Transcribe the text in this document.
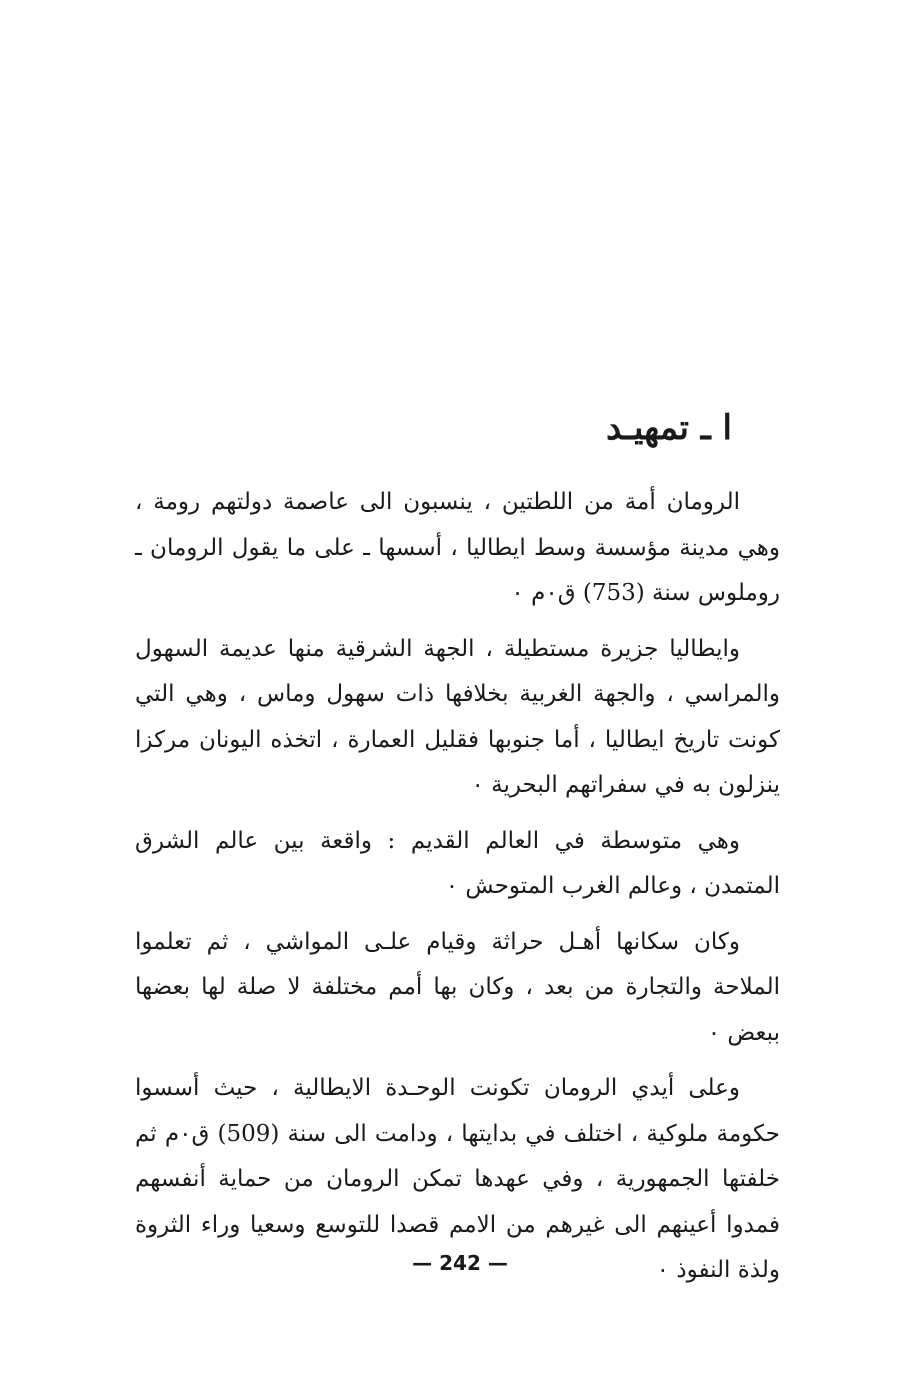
ا ـ تمهيـد

الرومان أمة من اللطتين ، ينسبون الى عاصمة دولتهم رومة ، وهي مدينة مؤسسة وسط ايطاليا ، أسسها ـ على ما يقول الرومان ـ روملوس سنة (753) ق٠م ٠

وايطاليا جزيرة مستطيلة ، الجهة الشرقية منها عديمة السهول والمراسي ، والجهة الغربية بخلافها ذات سهول وماس ، وهي التي كونت تاريخ ايطاليا ، أما جنوبها فقليل العمارة ، اتخذه اليونان مركزا ينزلون به في سفراتهم البحرية ٠

وهي متوسطة في العالم القديم : واقعة بين عالم الشرق المتمدن ، وعالم الغرب المتوحش ٠

وكان سكانها أهـل حراثة وقيام علـى المواشي ، ثم تعلموا الملاحة والتجارة من بعد ، وكان بها أمم مختلفة لا صلة لها بعضها ببعض ٠

وعلى أيدي الرومان تكونت الوحـدة الايطالية ، حيث أسسوا حكومة ملوكية ، اختلف في بدايتها ، ودامت الى سنة (509) ق٠م ثم خلفتها الجمهورية ، وفي عهدها تمكن الرومان من حماية أنفسهم فمدوا أعينهم الى غيرهم من الامم قصدا للتوسع وسعيا وراء الثروة ولذة النفوذ ٠

— 242 —
